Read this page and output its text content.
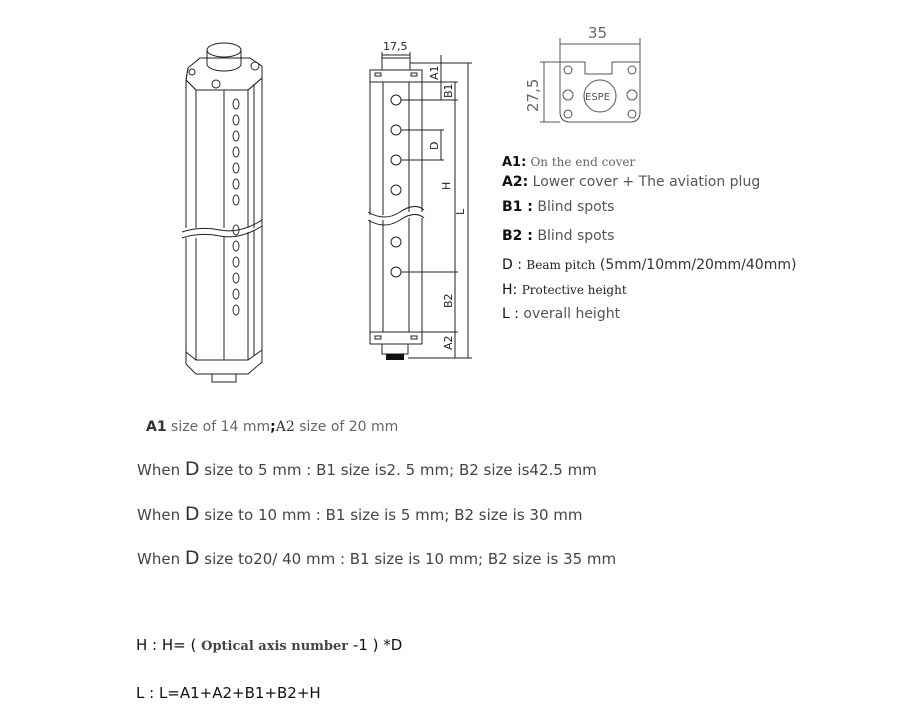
17,5
A1
B1
D
H
L
B2
A2
35
27,5	ESPE
A1: On the end cover
A2: Lower cover + The aviation plug
B1 : Blind spots
B2 : Blind spots
D : Beam pitch (5mm/10mm/20mm/40mm)
H: Protective height
L : overall height
A1 size of 14 mm;A2 size of 20 mm
When D size to 5 mm : B1 size is2. 5 mm; B2 size is42.5 mm
When D size to 10 mm : B1 size is 5 mm; B2 size is 30 mm
When D size to20/ 40 mm : B1 size is 10 mm; B2 size is 35 mm
H : H= ( Optical axis number -1 ) *D
L : L=A1+A2+B1+B2+H
